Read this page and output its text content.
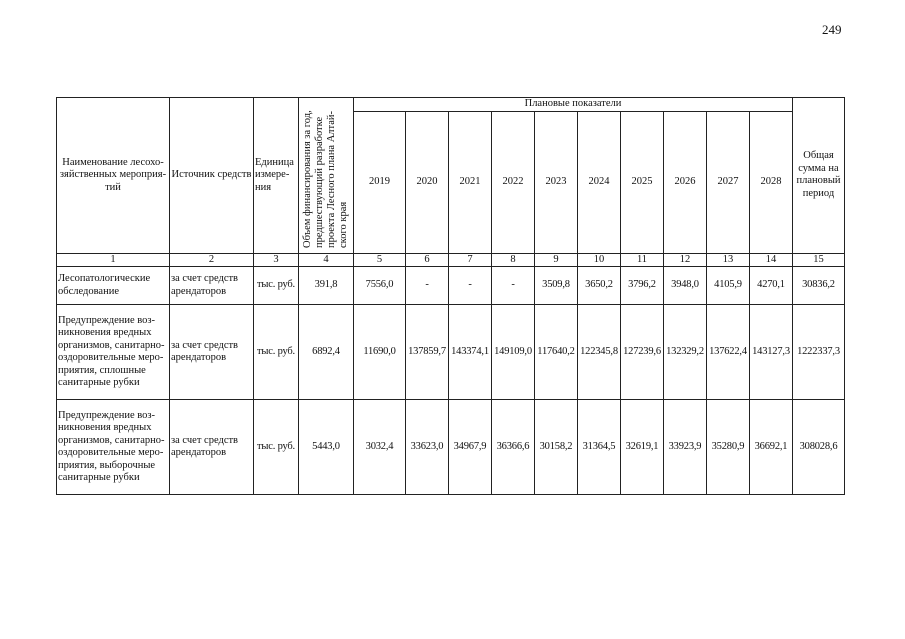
249
Наименование лесохо-зяйственных мероприя-тий	Источник средств	Единица измере-ния	Объем финансирования за год, предшествующий разработке проекта Лесного плана Алтай-ского края	Плановые показатели										Общая сумма на плановый период
				2019	2020	2021	2022	2023	2024	2025	2026	2027	2028	
1	2	3	4	5	6	7	8	9	10	11	12	13	14	15
Лесопатологические обследование	за счет средств арендаторов	тыс. руб.	391,8	7556,0	-	-	-	3509,8	3650,2	3796,2	3948,0	4105,9	4270,1	30836,2
Предупреждение воз-никновения вредных организмов, санитарно-оздоровительные меро-приятия, сплошные санитарные рубки	за счет средств арендаторов	тыс. руб.	6892,4	11690,0	137859,7	143374,1	149109,0	117640,2	122345,8	127239,6	132329,2	137622,4	143127,3	1222337,3
Предупреждение воз-никновения вредных организмов, санитарно-оздоровительные меро-приятия, выборочные санитарные рубки	за счет средств арендаторов	тыс. руб.	5443,0	3032,4	33623,0	34967,9	36366,6	30158,2	31364,5	32619,1	33923,9	35280,9	36692,1	308028,6
